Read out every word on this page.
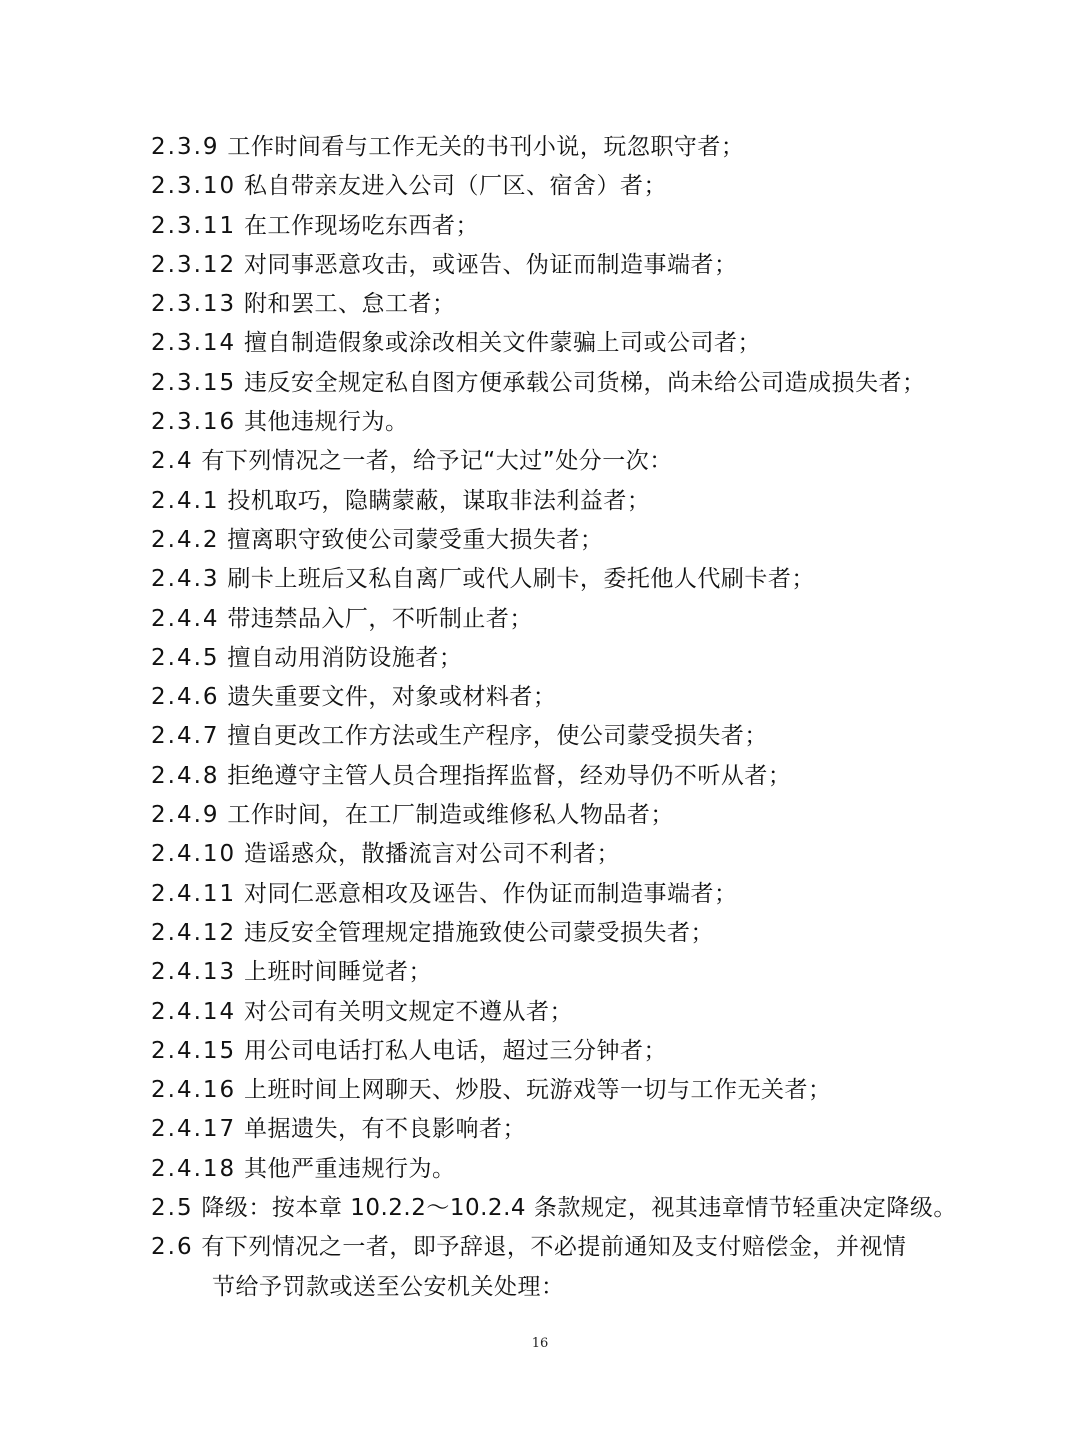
2.3.9 工作时间看与工作无关的书刊小说，玩忽职守者；
2.3.10 私自带亲友进入公司（厂区、宿舍）者；
2.3.11 在工作现场吃东西者；
2.3.12 对同事恶意攻击，或诬告、伪证而制造事端者；
2.3.13 附和罢工、怠工者；
2.3.14 擅自制造假象或涂改相关文件蒙骗上司或公司者；
2.3.15 违反安全规定私自图方便承载公司货梯，尚未给公司造成损失者；
2.3.16 其他违规行为。
2.4 有下列情况之一者，给予记“大过”处分一次：
2.4.1 投机取巧，隐瞒蒙蔽，谋取非法利益者；
2.4.2 擅离职守致使公司蒙受重大损失者；
2.4.3 刷卡上班后又私自离厂或代人刷卡，委托他人代刷卡者；
2.4.4 带违禁品入厂，不听制止者；
2.4.5 擅自动用消防设施者；
2.4.6 遗失重要文件，对象或材料者；
2.4.7 擅自更改工作方法或生产程序，使公司蒙受损失者；
2.4.8 拒绝遵守主管人员合理指挥监督，经劝导仍不听从者；
2.4.9 工作时间，在工厂制造或维修私人物品者；
2.4.10 造谣惑众，散播流言对公司不利者；
2.4.11 对同仁恶意相攻及诬告、作伪证而制造事端者；
2.4.12 违反安全管理规定措施致使公司蒙受损失者；
2.4.13 上班时间睡觉者；
2.4.14 对公司有关明文规定不遵从者；
2.4.15 用公司电话打私人电话，超过三分钟者；
2.4.16 上班时间上网聊天、炒股、玩游戏等一切与工作无关者；
2.4.17 单据遗失，有不良影响者；
2.4.18 其他严重违规行为。
2.5 降级：按本章 10.2.2～10.2.4 条款规定，视其违章情节轻重决定降级。
2.6 有下列情况之一者，即予辞退，不必提前通知及支付赔偿金，并视情
节给予罚款或送至公安机关处理：
16
